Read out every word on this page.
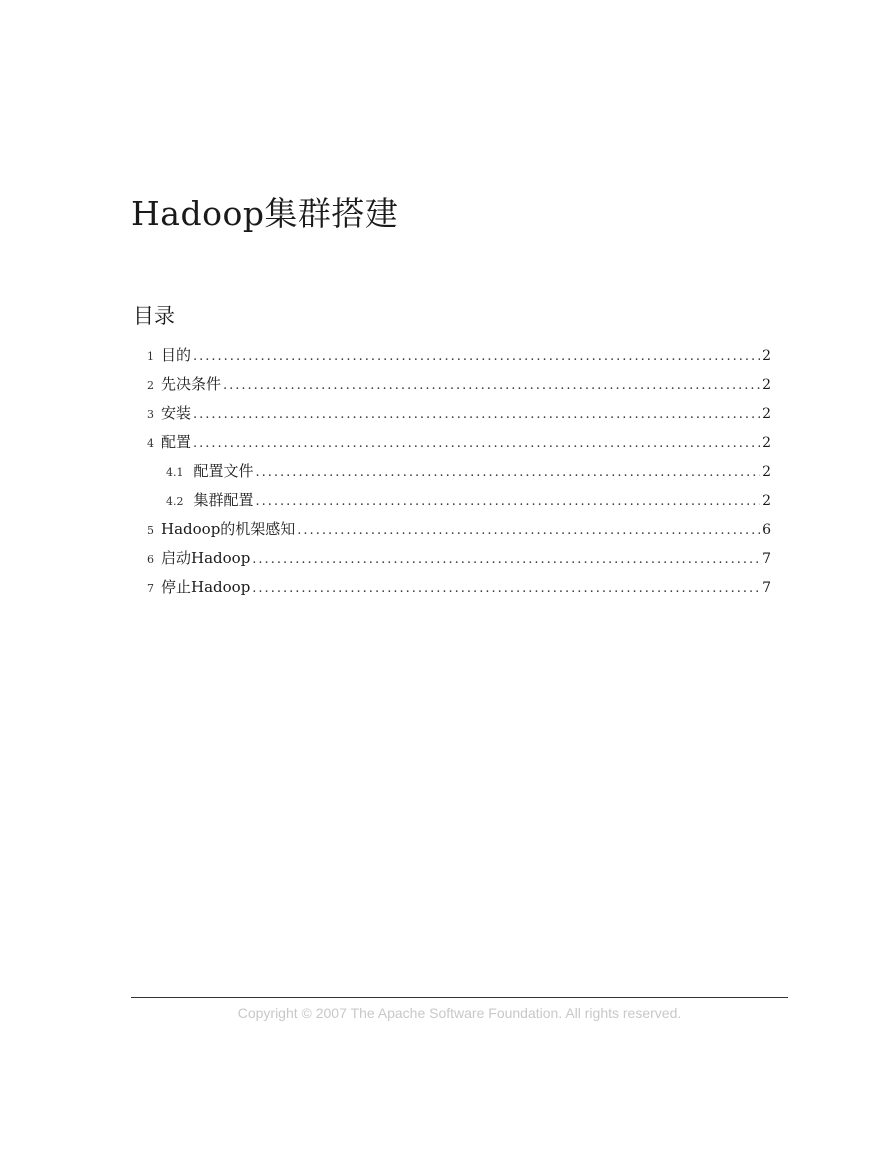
Hadoop集群搭建
目录
1 目的 .....	2
2 先决条件 .....	2
3 安装 .....	2
4 配置 .....	2
4.1 配置文件 .....	2
4.2 集群配置 .....	2
5 Hadoop的机架感知 .....	6
6 启动Hadoop .....	7
7 停止Hadoop .....	7
Copyright © 2007 The Apache Software Foundation. All rights reserved.
